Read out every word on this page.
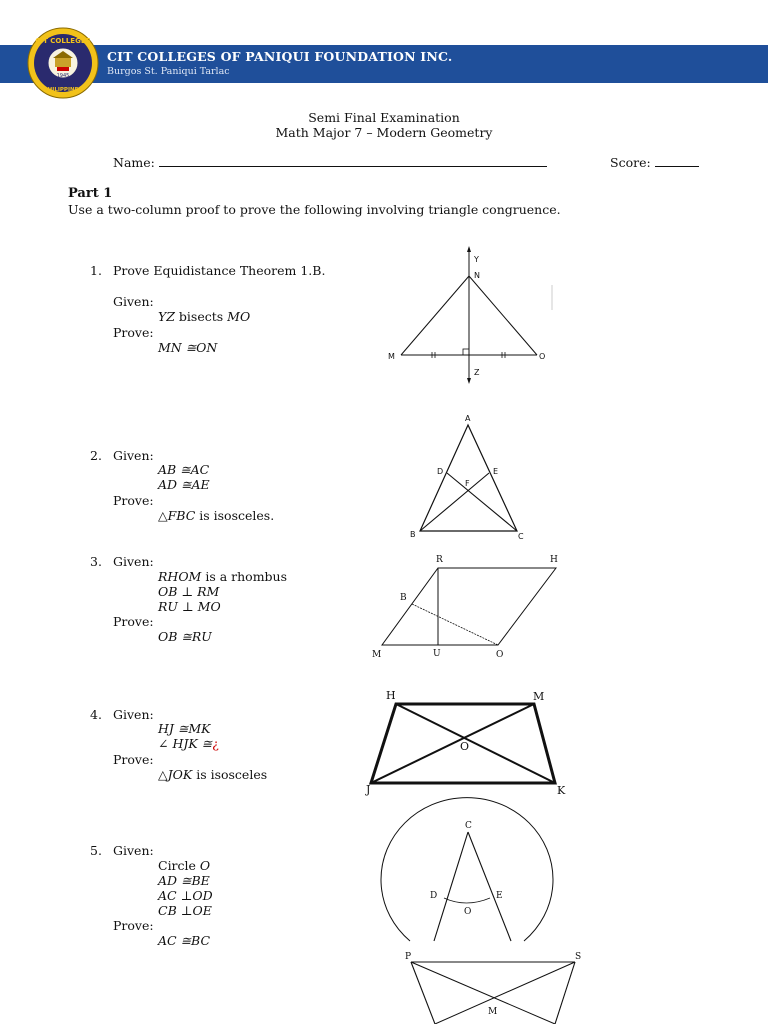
CIT COLLEGES
PHILIPPINES
1945
CIT COLLEGES OF PANIQUI FOUNDATION INC.
Burgos St. Paniqui Tarlac
Semi Final Examination
Math Major 7 – Modern Geometry
Name:	Score:
Part 1
Use a two-column proof to prove the following involving triangle congruence.
1. Prove Equidistance Theorem 1.B.
Given:
YZ bisects MO
Prove:
MN ≅ON
Y
N
M	O
Z
2. Given:
AB ≅AC
AD ≅AE
Prove:
△FBC is isosceles.
A
D	E
F
B	C
3. Given:
RHOM is a rhombus
OB ⊥ RM
RU ⊥ MO
Prove:
OB ≅RU
R	H
B
M	U	O
4. Given:
HJ ≅MK
∠ HJK ≅¿
Prove:
△JOK is isosceles
H	M
O
J	K
5. Given:
Circle O
AD ≅BE
AC ⊥OD
CB ⊥OE
Prove:
AC ≅BC
C
D	E
O
P	S
M
